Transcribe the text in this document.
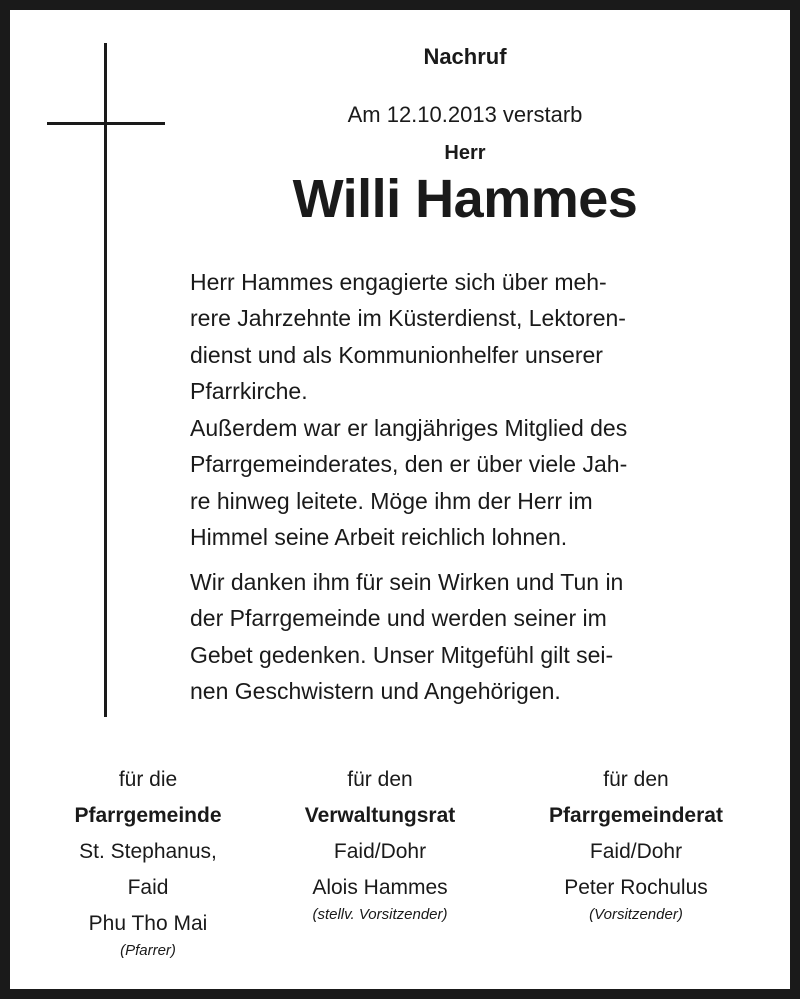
Nachruf
Am 12.10.2013 verstarb
Herr
Willi Hammes

Herr Hammes engagierte sich über meh-
rere Jahrzehnte im Küsterdienst, Lektoren-
dienst und als Kommunionhelfer unserer
Pfarrkirche.

Außerdem war er langjähriges Mitglied des
Pfarrgemeinderates, den er über viele Jah-
re hinweg leitete. Möge ihm der Herr im
Himmel seine Arbeit reichlich lohnen.

Wir danken ihm für sein Wirken und Tun in
der Pfarrgemeinde und werden seiner im
Gebet gedenken. Unser Mitgefühl gilt sei-
nen Geschwistern und Angehörigen.

für die
Pfarrgemeinde
St. Stephanus,
Faid
Phu Tho Mai
(Pfarrer)
für den
Verwaltungsrat
Faid/Dohr
Alois Hammes
(stellv. Vorsitzender)
für den
Pfarrgemeinderat
Faid/Dohr
Peter Rochulus
(Vorsitzender)
